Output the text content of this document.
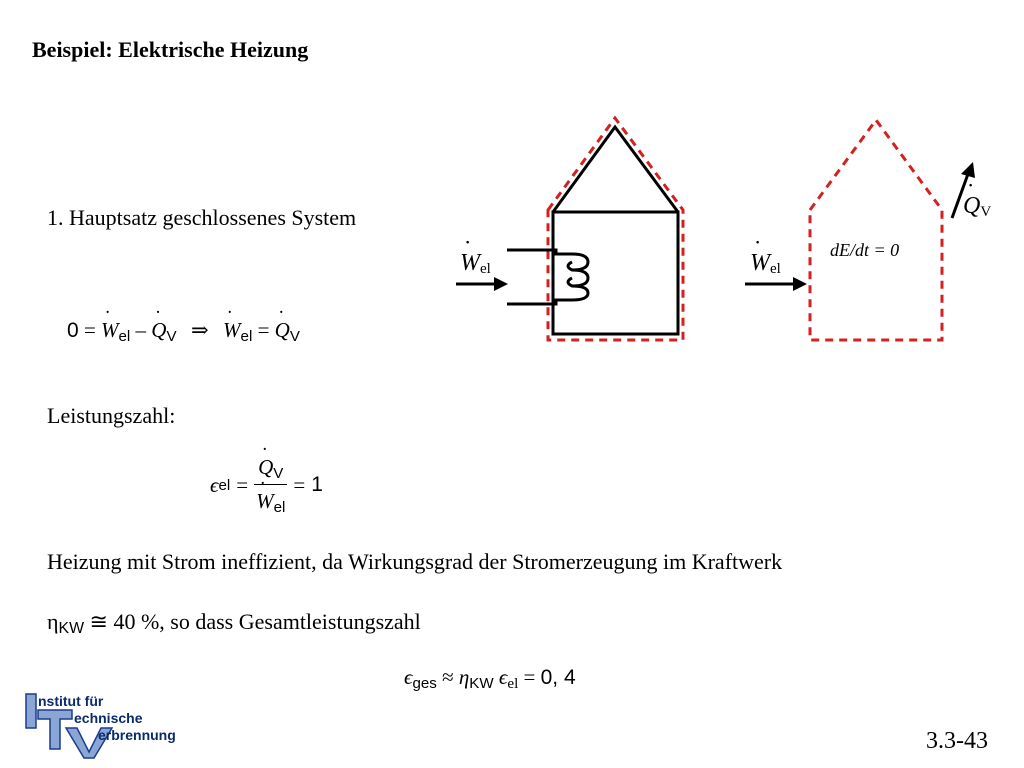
Beispiel: Elektrische Heizung
1. Hauptsatz geschlossenes System
0 = ˙ $W_{el}$ – ˙ $Q_V$ ⇒ ˙ $W_{el}$ = ˙ $Q_V$
Leistungszahl:
ϵ el = ˙ $Q_V$
˙ $W_{el} = 1$
Heizung mit Strom ineffizient, da Wirkungsgrad der Stromerzeugung im Kraftwerk
$\eta_{KW}$ ≅ 40 %, so dass Gesamtleistungszahl
$\epsilon_{ges} \approx \eta_{KW}$ $\epsilon_{el} = 0$, 4
˙ Wel	˙ Wel
˙ QV
dE/dt = 0
nstitut für
echnische
erbrennung	3.3-43
